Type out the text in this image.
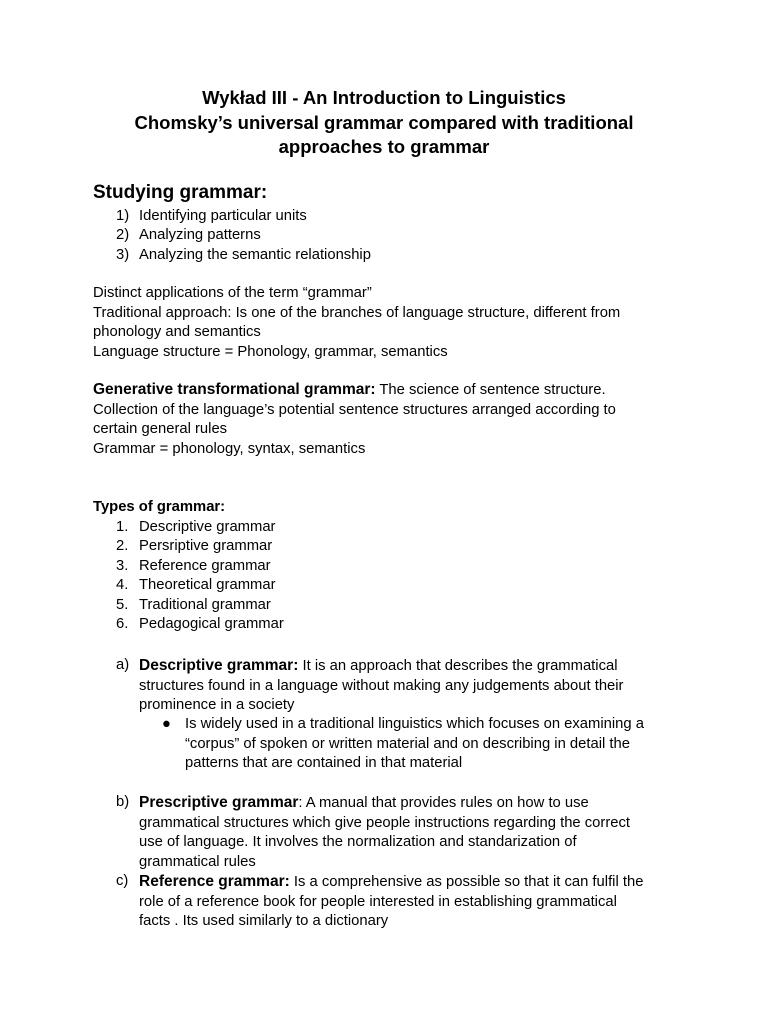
Wykład III - An Introduction to Linguistics

Chomsky’s universal grammar compared with traditional

approaches to grammar

Studying grammar:
1) Identifying particular units
2) Analyzing patterns
3) Analyzing the semantic relationship
Distinct applications of the term “grammar”
Traditional approach: Is one of the branches of language structure, different from
phonology and semantics
Language structure = Phonology, grammar, semantics
Generative transformational grammar: The science of sentence structure.
Collection of the language’s potential sentence structures arranged according to
certain general rules
Grammar = phonology, syntax, semantics
Types of grammar:
1. Descriptive grammar
2. Persriptive grammar
3. Reference grammar
4. Theoretical grammar
5. Traditional grammar
6. Pedagogical grammar
a) Descriptive grammar: It is an approach that describes the grammatical
structures found in a language without making any judgements about their
prominence in a society
● Is widely used in a traditional linguistics which focuses on examining a
“corpus” of spoken or written material and on describing in detail the
patterns that are contained in that material
b) Prescriptive grammar: A manual that provides rules on how to use
grammatical structures which give people instructions regarding the correct
use of language. It involves the normalization and standarization of
grammatical rules
c) Reference grammar: Is a comprehensive as possible so that it can fulfil the
role of a reference book for people interested in establishing grammatical
facts . Its used similarly to a dictionary
